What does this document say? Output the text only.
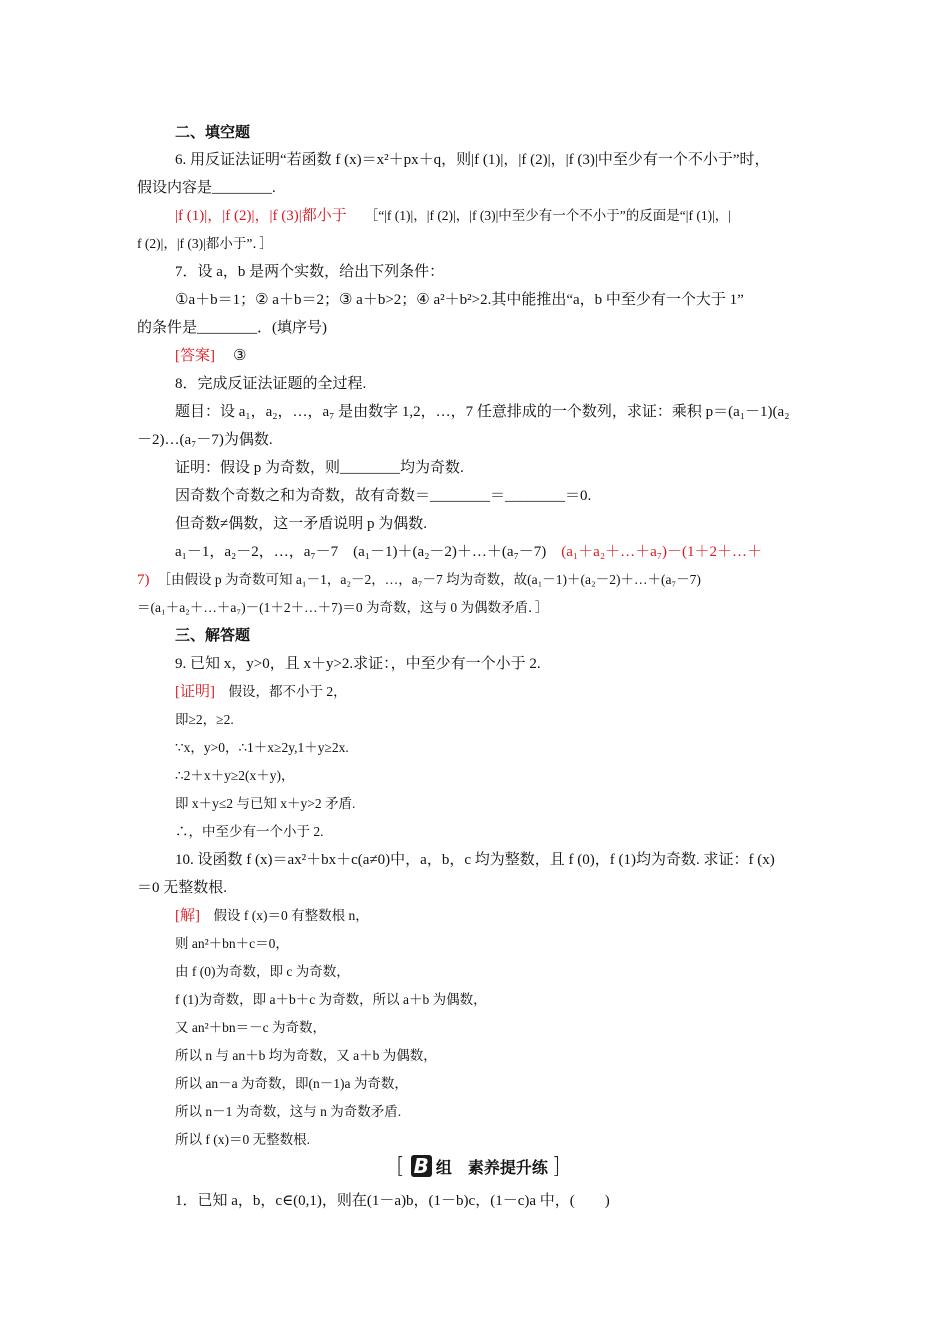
二、填空题
6. 用反证法证明“若函数 f (x)＝x²＋px＋q，则|f (1)|，|f (2)|，|f (3)|中至少有一个不小于”时，
假设内容是________.
|f (1)|，|f (2)|，|f (3)|都小于 ［“|f (1)|，|f (2)|，|f (3)|中至少有一个不小于”的反面是“|f (1)|，|
f (2)|，|f (3)|都小于”．］
7．设 a，b 是两个实数，给出下列条件：
①a＋b＝1；② a＋b＝2；③ a＋b>2；④ a²＋b²>2.其中能推出“a，b 中至少有一个大于 1”
的条件是________．(填序号)
[答案] ③
8．完成反证法证题的全过程.
题目：设 a₁，a₂，…，a₇ 是由数字 1,2，…，7 任意排成的一个数列，求证：乘积 p＝(a₁－1)(a₂
－2)…(a₇－7)为偶数.
证明：假设 p 为奇数，则________均为奇数.
因奇数个奇数之和为奇数，故有奇数＝________＝________＝0.
但奇数≠偶数，这一矛盾说明 p 为偶数.
a₁－1，a₂－2，…，a₇－7　(a₁－1)＋(a₂－2)＋…＋(a₇－7)　(a₁＋a₂＋…＋a₇)－(1＋2＋…＋
7) ［由假设 p 为奇数可知 a₁－1，a₂－2，…，a₇－7 均为奇数，故(a₁－1)＋(a₂－2)＋…＋(a₇－7)
＝(a₁＋a₂＋…＋a₇)－(1＋2＋…＋7)＝0 为奇数，这与 0 为偶数矛盾．］
三、解答题
9. 已知 x，y>0，且 x＋y>2.求证：，中至少有一个小于 2.
[证明]　假设，都不小于 2，
即≥2，≥2.
∵x，y>0，∴1＋x≥2y,1＋y≥2x.
∴2＋x＋y≥2(x＋y)，
即 x＋y≤2 与已知 x＋y>2 矛盾.
∴，中至少有一个小于 2.
10. 设函数 f (x)＝ax²＋bx＋c(a≠0)中，a，b，c 均为整数，且 f (0)，f (1)均为奇数. 求证：f (x)
＝0 无整数根.
[解]　假设 f (x)＝0 有整数根 n，
则 an²＋bn＋c＝0，
由 f (0)为奇数，即 c 为奇数，
f (1)为奇数，即 a＋b＋c 为奇数，所以 a＋b 为偶数，
又 an²＋bn＝－c 为奇数，
所以 n 与 an＋b 均为奇数，又 a＋b 为偶数，
所以 an－a 为奇数，即(n－1)a 为奇数，
所以 n－1 为奇数，这与 n 为奇数矛盾.
所以 f (x)＝0 无整数根.
[ B 组　素养提升练 ]
1．已知 a，b，c∈(0,1)，则在(1－a)b，(1－b)c，(1－c)a 中，(　　)
